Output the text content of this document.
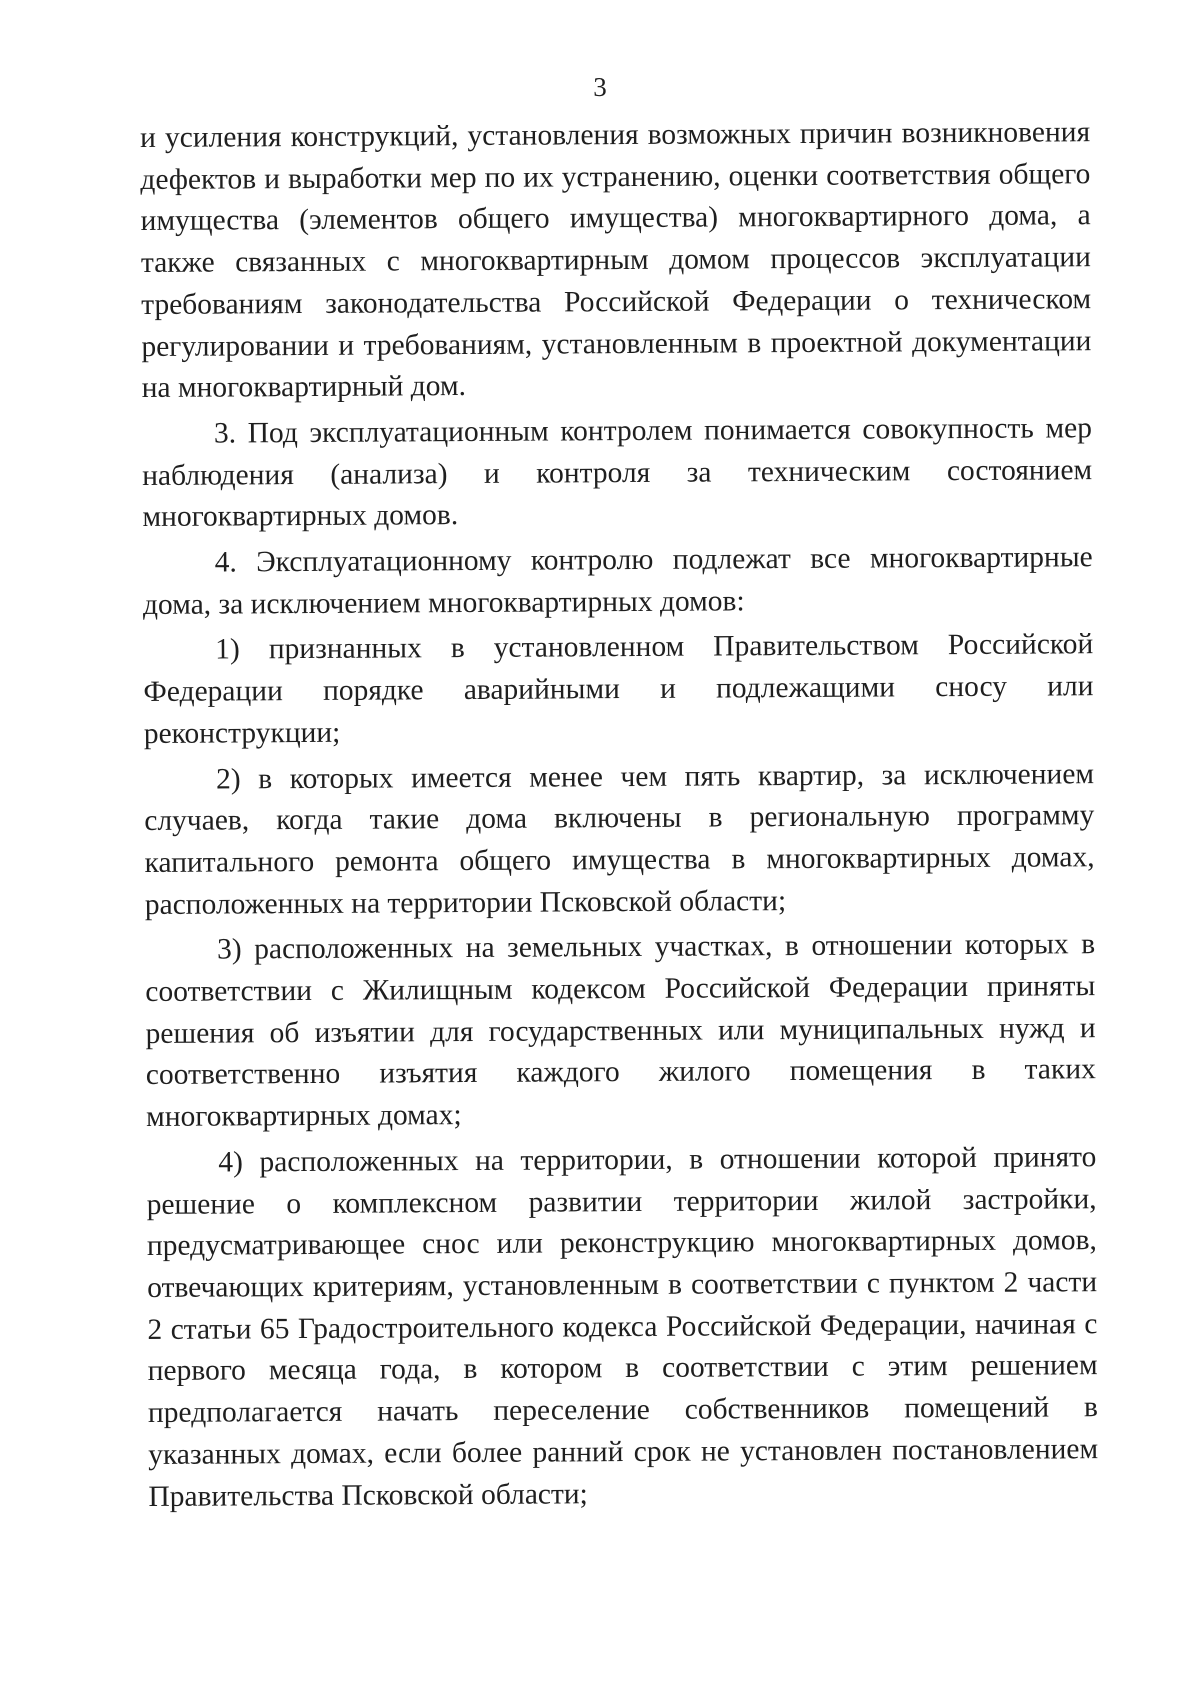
3

и усиления конструкций, установления возможных причин возникновения дефектов и выработки мер по их устранению, оценки соответствия общего имущества (элементов общего имущества) многоквартирного дома, а также связанных с многоквартирным домом процессов эксплуатации требованиям законодательства Российской Федерации о техническом регулировании и требованиям, установленным в проектной документации на многоквартирный дом.

3. Под эксплуатационным контролем понимается совокупность мер наблюдения (анализа) и контроля за техническим состоянием многоквартирных домов.

4. Эксплуатационному контролю подлежат все многоквартирные дома, за исключением многоквартирных домов:

1) признанных в установленном Правительством Российской Федерации порядке аварийными и подлежащими сносу или реконструкции;

2) в которых имеется менее чем пять квартир, за исключением случаев, когда такие дома включены в региональную программу капитального ремонта общего имущества в многоквартирных домах, расположенных на территории Псковской области;

3) расположенных на земельных участках, в отношении которых в соответствии с Жилищным кодексом Российской Федерации приняты решения об изъятии для государственных или муниципальных нужд и соответственно изъятия каждого жилого помещения в таких многоквартирных домах;

4) расположенных на территории, в отношении которой принято решение о комплексном развитии территории жилой застройки, предусматривающее снос или реконструкцию многоквартирных домов, отвечающих критериям, установленным в соответствии с пунктом 2 части 2 статьи 65 Градостроительного кодекса Российской Федерации, начиная с первого месяца года, в котором в соответствии с этим решением предполагается начать переселение собственников помещений в указанных домах, если более ранний срок не установлен постановлением Правительства Псковской области;
